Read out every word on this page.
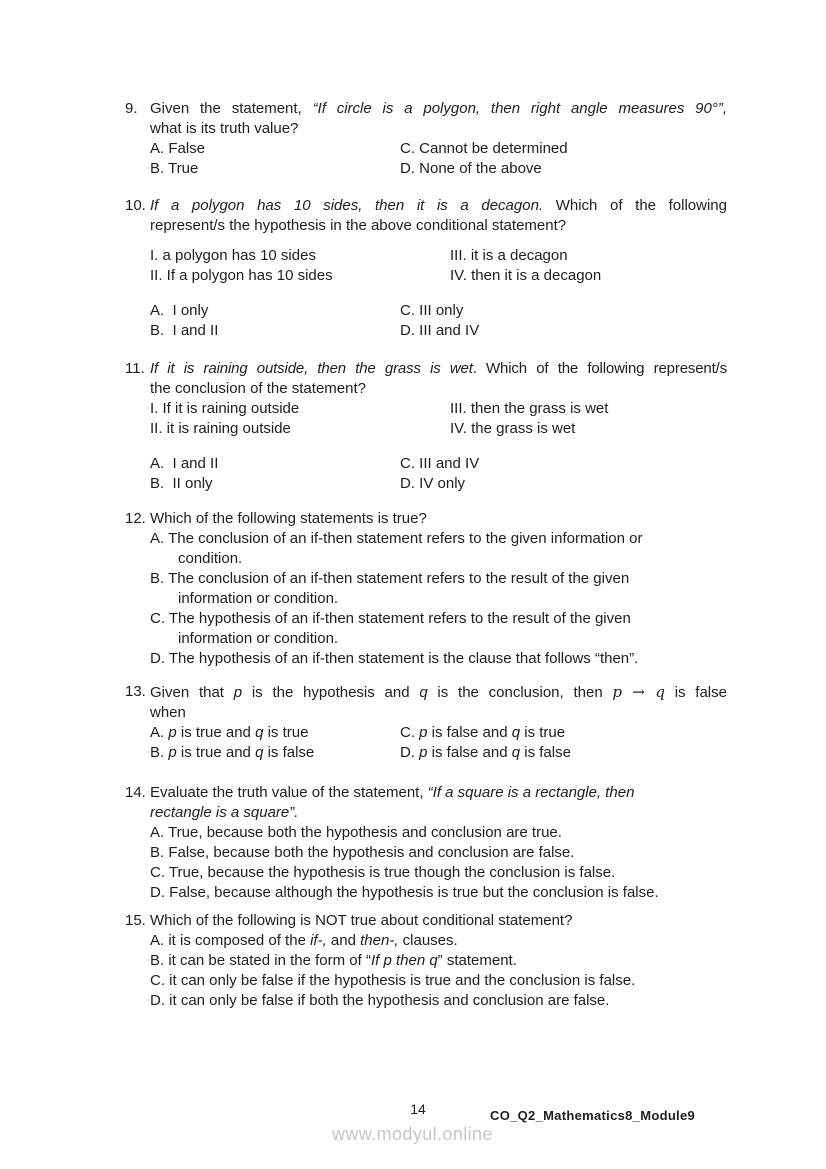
9. Given the statement, “If circle is a polygon, then right angle measures 90°”,
what is its truth value?
A. False	C. Cannot be determined
B. True	D. None of the above
10. If a polygon has 10 sides, then it is a decagon. Which of the following
represent/s the hypothesis in the above conditional statement?
I. a polygon has 10 sides	III. it is a decagon
II. If a polygon has 10 sides	IV. then it is a decagon
A.  I only	C. III only
B.  I and II	D. III and IV
11. If it is raining outside, then the grass is wet. Which of the following represent/s
the conclusion of the statement?
I. If it is raining outside	III. then the grass is wet
II. it is raining outside	IV. the grass is wet
A.  I and II	C. III and IV
B.  II only	D. IV only
12. Which of the following statements is true?
A. The conclusion of an if-then statement refers to the given information or
condition.
B. The conclusion of an if-then statement refers to the result of the given
information or condition.
C. The hypothesis of an if-then statement refers to the result of the given
information or condition.
D. The hypothesis of an if-then statement is the clause that follows “then”.
13. Given that p is the hypothesis and q is the conclusion, then p → q is false
when
A. p is true and q is true	C. p is false and q is true
B. p is true and q is false	D. p is false and q is false
14. Evaluate the truth value of the statement, “If a square is a rectangle, then
rectangle is a square”.
A. True, because both the hypothesis and conclusion are true.
B. False, because both the hypothesis and conclusion are false.
C. True, because the hypothesis is true though the conclusion is false.
D. False, because although the hypothesis is true but the conclusion is false.
15. Which of the following is NOT true about conditional statement?
A. it is composed of the if-, and then-, clauses.
B. it can be stated in the form of “If p then q” statement.
C. it can only be false if the hypothesis is true and the conclusion is false.
D. it can only be false if both the hypothesis and conclusion are false.
14	CO_Q2_Mathematics8_Module9
www.modyul.online
